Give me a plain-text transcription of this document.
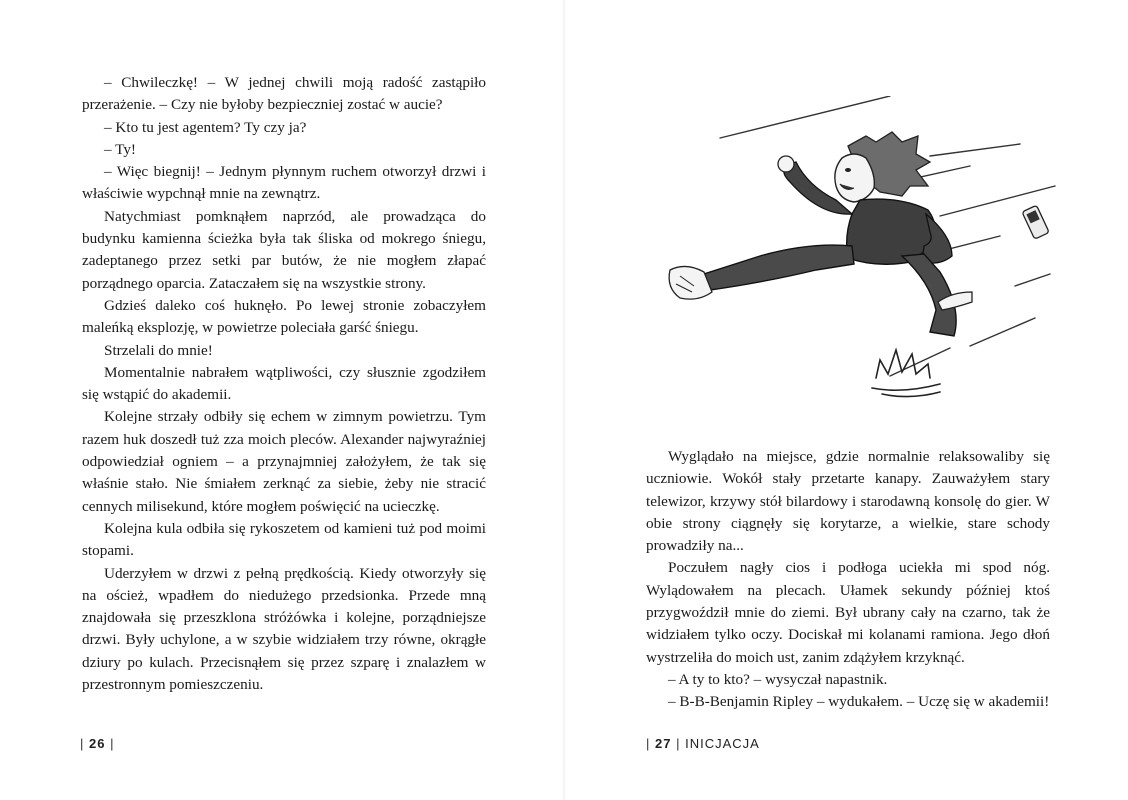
– Chwileczkę! – W jednej chwili moją radość zastąpiło przerażenie. – Czy nie byłoby bezpieczniej zostać w aucie?

– Kto tu jest agentem? Ty czy ja?

– Ty!

– Więc biegnij! – Jednym płynnym ruchem otworzył drzwi i właściwie wypchnął mnie na zewnątrz.

Natychmiast pomknąłem naprzód, ale prowadząca do budynku kamienna ścieżka była tak śliska od mokrego śniegu, zadeptanego przez setki par butów, że nie mogłem złapać porządnego oparcia. Zataczałem się na wszystkie strony.

Gdzieś daleko coś huknęło. Po lewej stronie zobaczyłem maleńką eksplozję, w powietrze poleciała garść śniegu.

Strzelali do mnie!

Momentalnie nabrałem wątpliwości, czy słusznie zgodziłem się wstąpić do akademii.

Kolejne strzały odbiły się echem w zimnym powietrzu. Tym razem huk doszedł tuż zza moich pleców. Alexander najwyraźniej odpowiedział ogniem – a przynajmniej założyłem, że tak się właśnie stało. Nie śmiałem zerknąć za siebie, żeby nie stracić cennych milisekund, które mogłem poświęcić na ucieczkę.

Kolejna kula odbiła się rykoszetem od kamieni tuż pod moimi stopami.

Uderzyłem w drzwi z pełną prędkością. Kiedy otworzyły się na oścież, wpadłem do niedużego przedsionka. Przede mną znajdowała się przeszklona stróżówka i kolejne, porządniejsze drzwi. Były uchylone, a w szybie widziałem trzy równe, okrągłe dziury po kulach. Przecisnąłem się przez szparę i znalazłem w przestronnym pomieszczeniu.

| 26 |

Wyglądało na miejsce, gdzie normalnie relaksowaliby się uczniowie. Wokół stały przetarte kanapy. Zauważyłem stary telewizor, krzywy stół bilardowy i starodawną konsolę do gier. W obie strony ciągnęły się korytarze, a wielkie, stare schody prowadziły na...

Poczułem nagły cios i podłoga uciekła mi spod nóg. Wylądowałem na plecach. Ułamek sekundy później ktoś przygwoździł mnie do ziemi. Był ubrany cały na czarno, tak że widziałem tylko oczy. Dociskał mi kolanami ramiona. Jego dłoń wystrzeliła do moich ust, zanim zdążyłem krzyknąć.

– A ty to kto? – wysyczał napastnik.

– B-B-Benjamin Ripley – wydukałem. – Uczę się w akademii!

| 27 | INICJACJA
